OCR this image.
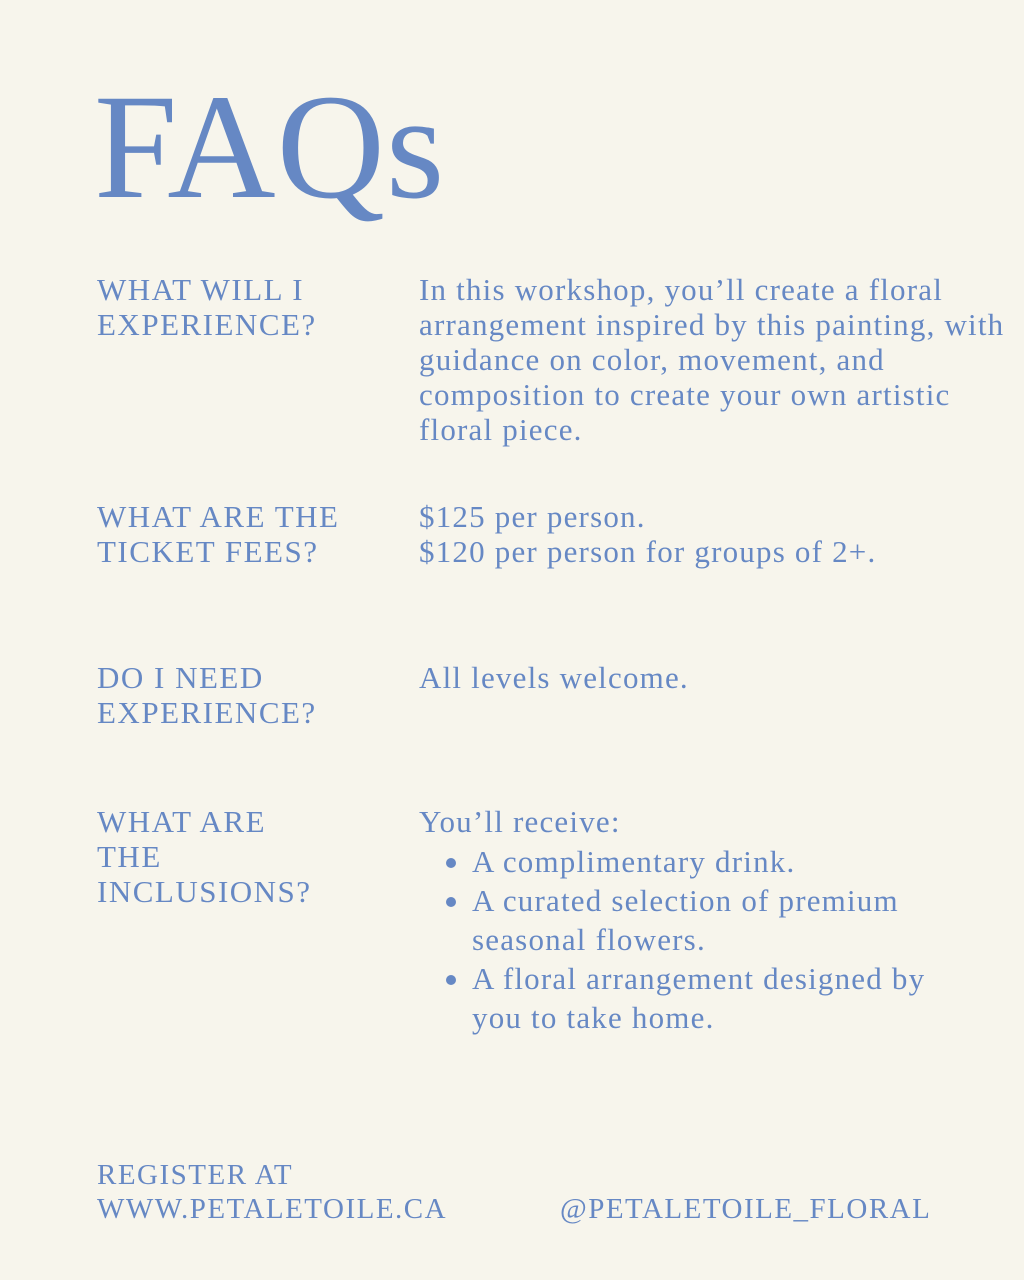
FAQs
WHAT WILL I EXPERIENCE?
In this workshop, you’ll create a floral arrangement inspired by this painting, with guidance on color, movement, and composition to create your own artistic floral piece.
WHAT ARE THE TICKET FEES?

$125 per person.

$120 per person for groups of 2+.

DO I NEED EXPERIENCE?
All levels welcome.
WHAT ARE THE INCLUSIONS?

You’ll receive:

A complimentary drink.
A curated selection of premium seasonal flowers.
A floral arrangement designed by you to take home.
REGISTER AT
WWW.PETALETOILE.CA	@PETALETOILE_FLORAL
